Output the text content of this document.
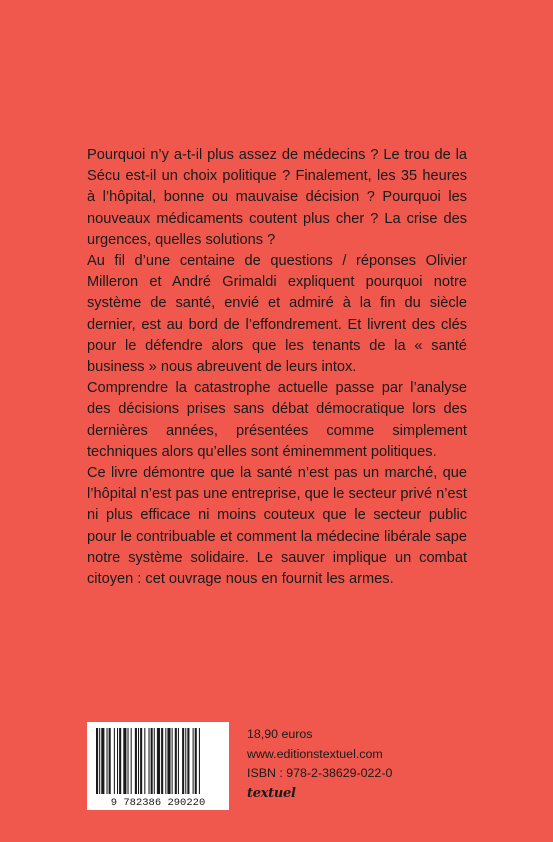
Pourquoi n’y a-t-il plus assez de médecins ? Le trou de la Sécu est-il un choix politique ? Finalement, les 35 heures à l’hôpital, bonne ou mauvaise décision ? Pourquoi les nouveaux médicaments coutent plus cher ? La crise des urgences, quelles solutions ?

Au fil d’une centaine de questions / réponses Olivier Milleron et André Grimaldi expliquent pourquoi notre système de santé, envié et admiré à la fin du siècle dernier, est au bord de l’effondrement. Et livrent des clés pour le défendre alors que les tenants de la « santé business » nous abreuvent de leurs intox.

Comprendre la catastrophe actuelle passe par l’analyse des décisions prises sans débat démocratique lors des dernières années, présentées comme simplement techniques alors qu’elles sont éminemment politiques.

Ce livre démontre que la santé n’est pas un marché, que l’hôpital n’est pas une entreprise, que le secteur privé n’est ni plus efficace ni moins couteux que le secteur public pour le contribuable et comment la médecine libérale sape notre système solidaire. Le sauver implique un combat citoyen : cet ouvrage nous en fournit les armes.

9 782386 290220
18,90 euros
www.editionstextuel.com
ISBN : 978-2-38629-022-0
textuel
